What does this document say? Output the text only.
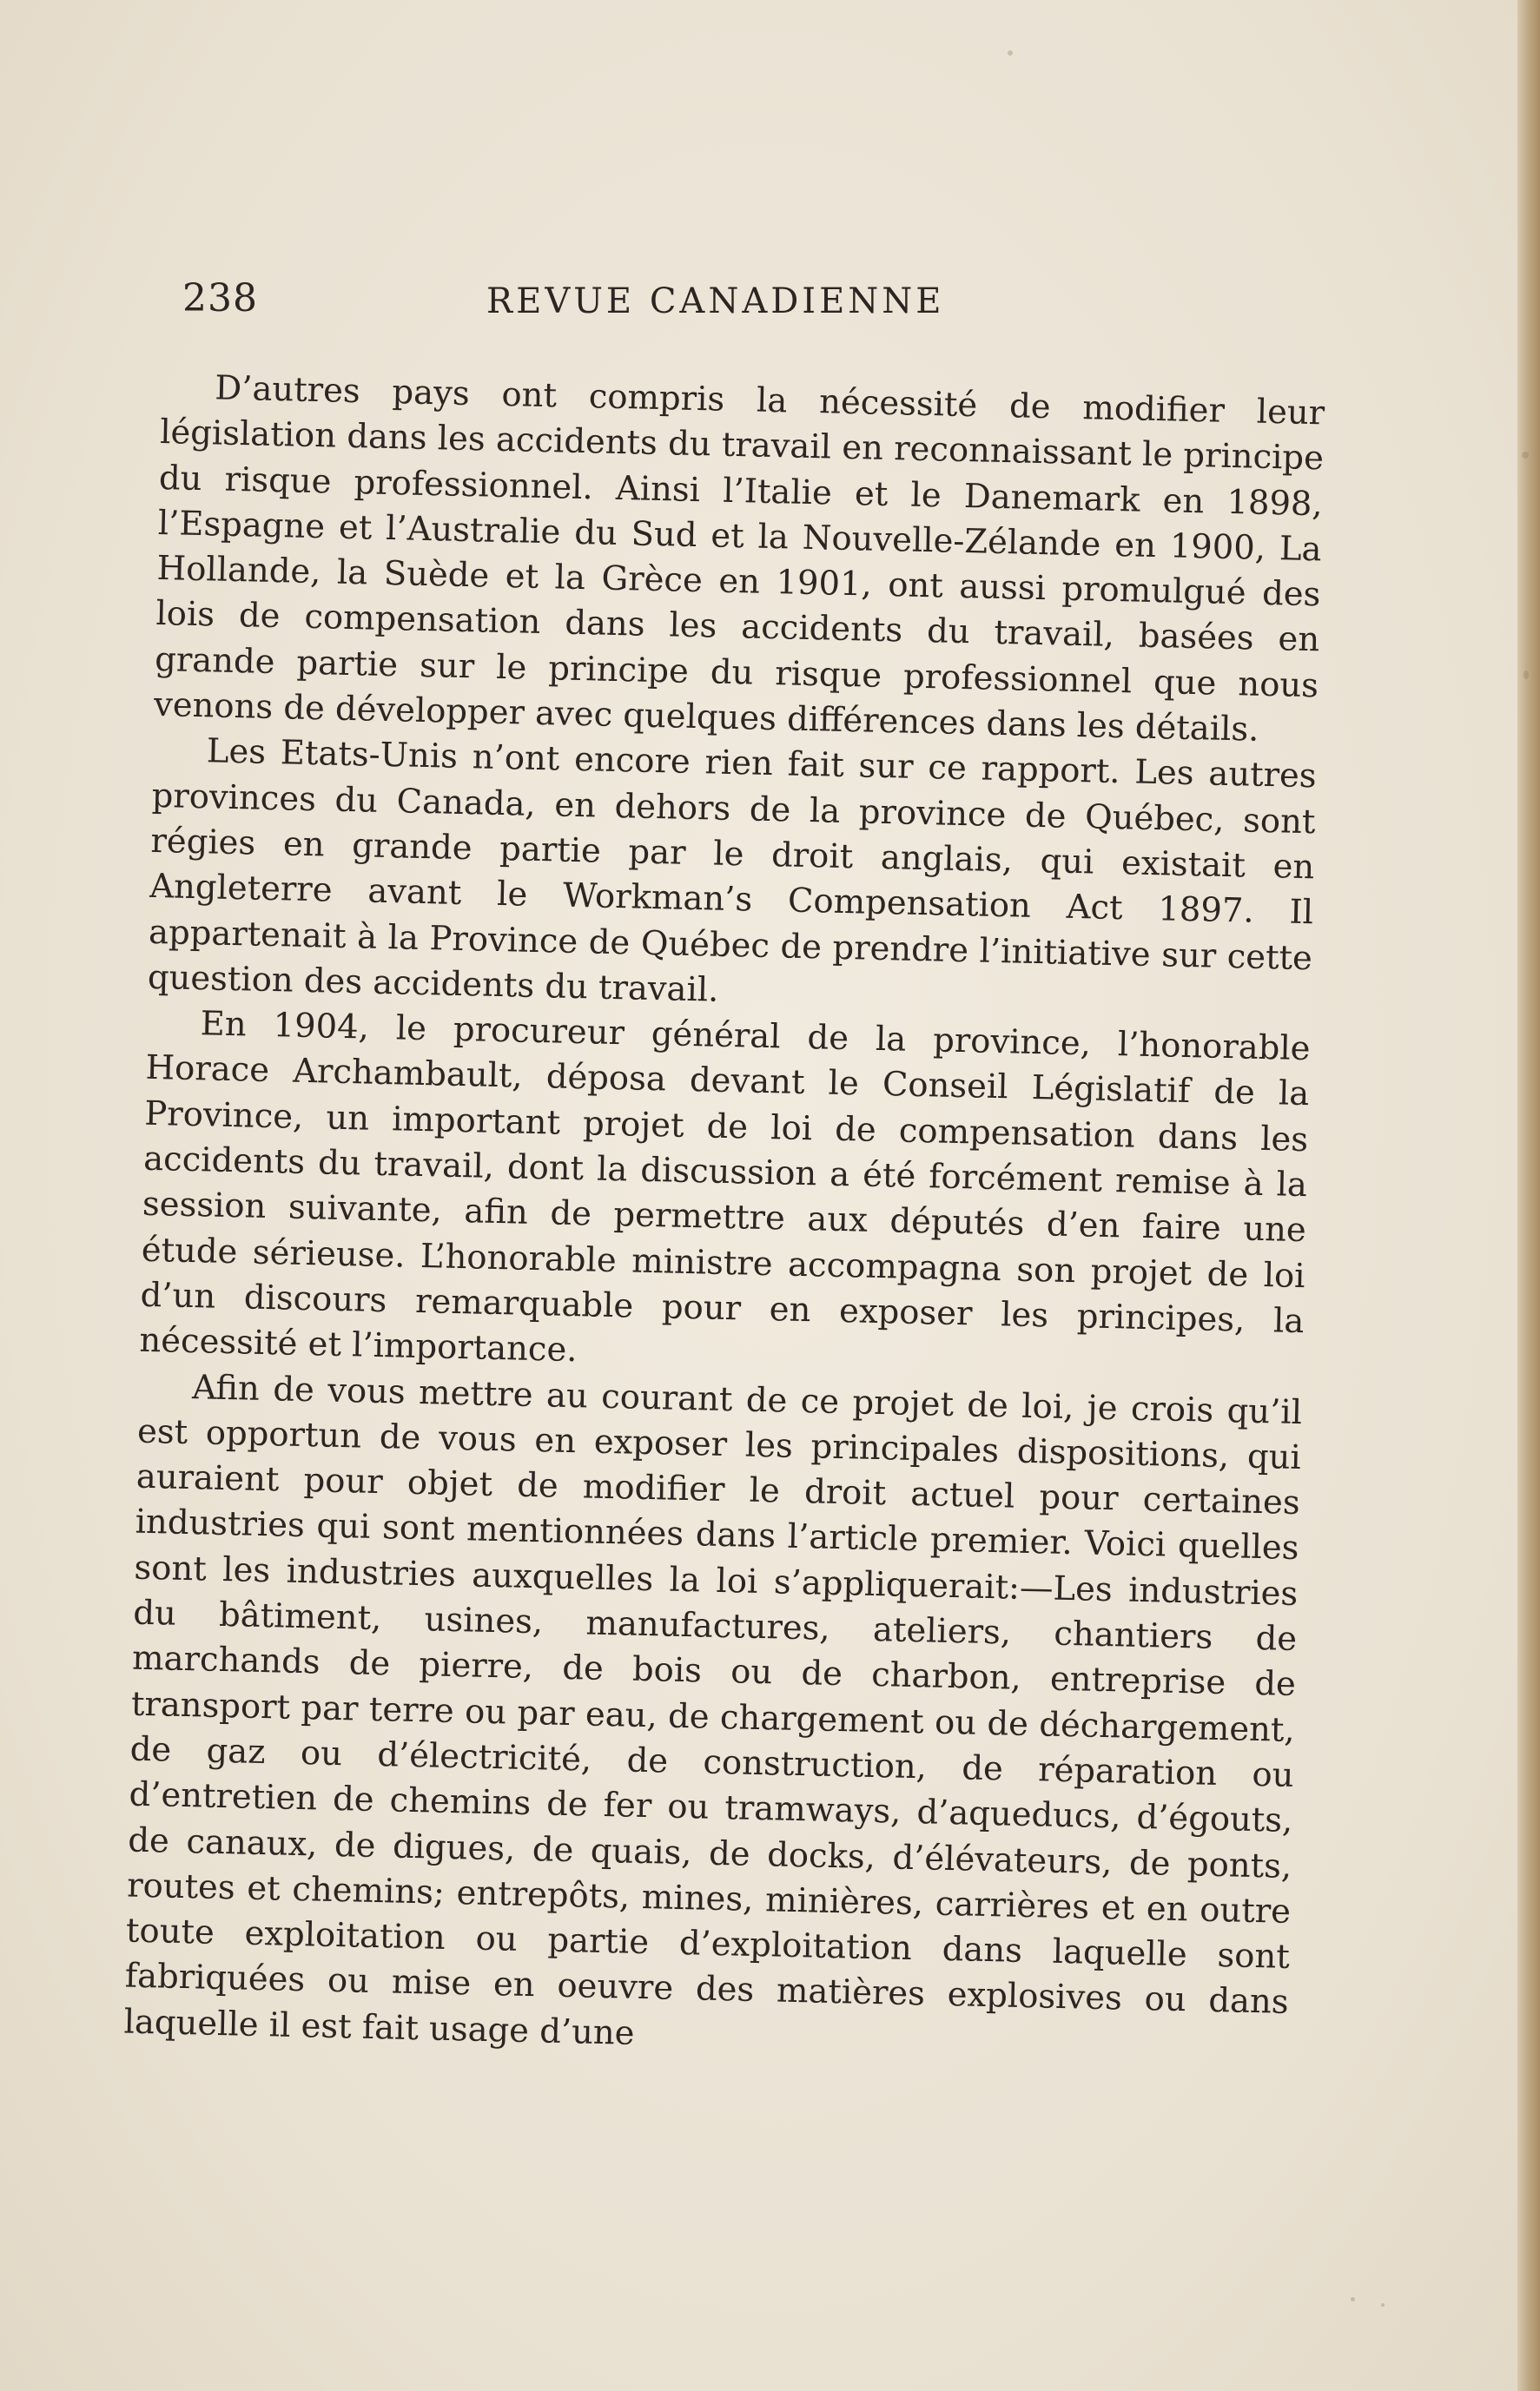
238	REVUE CANADIENNE

D’autres pays ont compris la nécessité de modifier leur législation dans les accidents du travail en reconnaissant le principe du risque professionnel. Ainsi l’Italie et le Danemark en 1898, l’Espagne et l’Australie du Sud et la Nouvelle-Zélande en 1900, La Hollande, la Suède et la Grèce en 1901, ont aussi promulgué des lois de compensation dans les accidents du travail, basées en grande partie sur le principe du risque professionnel que nous venons de développer avec quelques différences dans les détails.

Les Etats-Unis n’ont encore rien fait sur ce rapport. Les autres provinces du Canada, en dehors de la province de Québec, sont régies en grande partie par le droit anglais, qui existait en Angleterre avant le Workman’s Compensation Act 1897. Il appartenait à la Province de Québec de prendre l’initiative sur cette question des accidents du travail.

En 1904, le procureur général de la province, l’honorable Horace Archambault, déposa devant le Conseil Législatif de la Province, un important projet de loi de compensation dans les accidents du travail, dont la discussion a été forcément remise à la session suivante, afin de permettre aux députés d’en faire une étude sérieuse. L’honorable ministre accompagna son projet de loi d’un discours remarquable pour en exposer les principes, la nécessité et l’importance.

Afin de vous mettre au courant de ce projet de loi, je crois qu’il est opportun de vous en exposer les principales dispositions, qui auraient pour objet de modifier le droit actuel pour certaines industries qui sont mentionnées dans l’article premier. Voici quelles sont les industries auxquelles la loi s’appliquerait:—Les industries du bâtiment, usines, manufactures, ateliers, chantiers de marchands de pierre, de bois ou de charbon, entreprise de transport par terre ou par eau, de chargement ou de déchargement, de gaz ou d’électricité, de construction, de réparation ou d’entretien de chemins de fer ou tramways, d’aqueducs, d’égouts, de canaux, de digues, de quais, de docks, d’élévateurs, de ponts, routes et chemins; entrepôts, mines, minières, carrières et en outre toute exploitation ou partie d’exploitation dans laquelle sont fabriquées ou mise en oeuvre des matières explosives ou dans laquelle il est fait usage d’une
